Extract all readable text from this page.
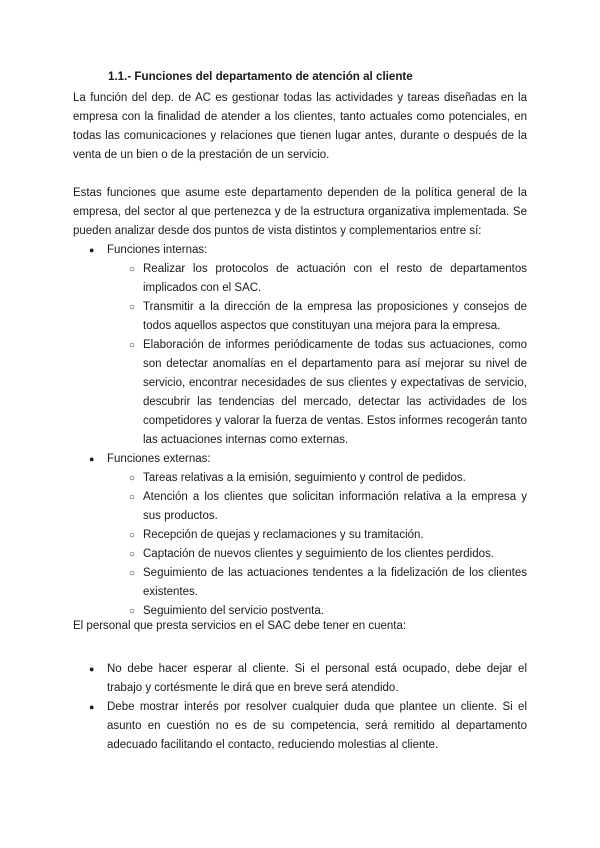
1.1.- Funciones del departamento de atención al cliente

La función del dep. de AC es gestionar todas las actividades y tareas diseñadas en la empresa con la finalidad de atender a los clientes, tanto actuales como potenciales, en todas las comunicaciones y relaciones que tienen lugar antes, durante o después de la venta de un bien o de la prestación de un servicio.

Estas funciones que asume este departamento dependen de la política general de la empresa, del sector al que pertenezca y de la estructura organizativa implementada. Se pueden analizar desde dos puntos de vista distintos y complementarios entre sí:

● Funciones internas:
○ Realizar los protocolos de actuación con el resto de departamentos implicados con el SAC.
○ Transmitir a la dirección de la empresa las proposiciones y consejos de todos aquellos aspectos que constituyan una mejora para la empresa.
○ Elaboración de informes periódicamente de todas sus actuaciones, como son detectar anomalías en el departamento para así mejorar su nivel de servicio, encontrar necesidades de sus clientes y expectativas de servicio, descubrir las tendencias del mercado, detectar las actividades de los competidores y valorar la fuerza de ventas. Estos informes recogerán tanto las actuaciones internas como externas.
● Funciones externas:
○ Tareas relativas a la emisión, seguimiento y control de pedidos.
○ Atención a los clientes que solicitan información relativa a la empresa y sus productos.
○ Recepción de quejas y reclamaciones y su tramitación.
○ Captación de nuevos clientes y seguimiento de los clientes perdidos.
○ Seguimiento de las actuaciones tendentes a la fidelización de los clientes existentes.
○ Seguimiento del servicio postventa.

El personal que presta servicios en el SAC debe tener en cuenta:

● No debe hacer esperar al cliente. Si el personal está ocupado, debe dejar el trabajo y cortésmente le dirá que en breve será atendido.
● Debe mostrar interés por resolver cualquier duda que plantee un cliente. Si el asunto en cuestión no es de su competencia, será remitido al departamento adecuado facilitando el contacto, reduciendo molestias al cliente.
